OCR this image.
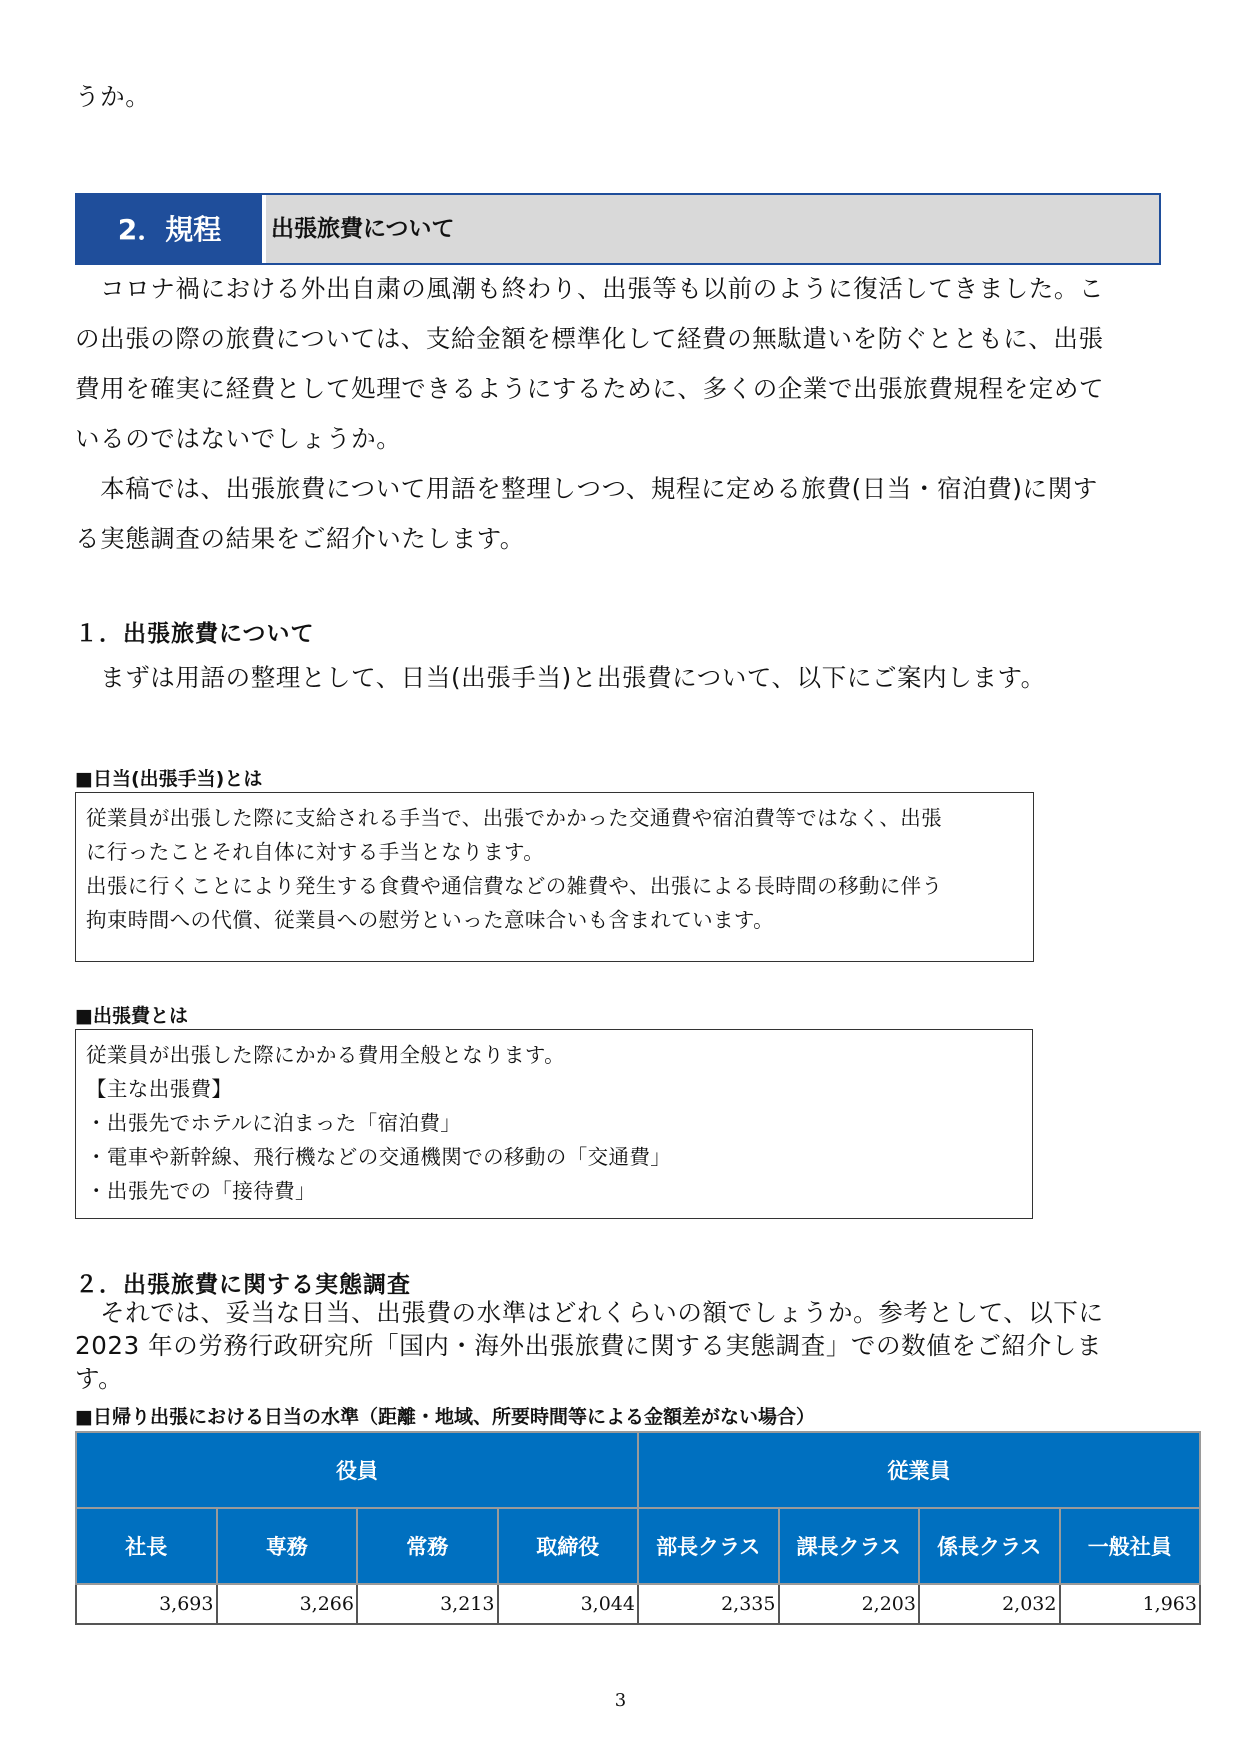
うか。
2．規程	出張旅費について
　コロナ禍における外出自粛の風潮も終わり、出張等も以前のように復活してきました。こ
の出張の際の旅費については、支給金額を標準化して経費の無駄遣いを防ぐとともに、出張
費用を確実に経費として処理できるようにするために、多くの企業で出張旅費規程を定めて
いるのではないでしょうか。
　本稿では、出張旅費について用語を整理しつつ、規程に定める旅費(日当・宿泊費)に関す
る実態調査の結果をご紹介いたします。
１．出張旅費について
　まずは用語の整理として、日当(出張手当)と出張費について、以下にご案内します。
■日当(出張手当)とは
従業員が出張した際に支給される手当で、出張でかかった交通費や宿泊費等ではなく、出張
に行ったことそれ自体に対する手当となります。
出張に行くことにより発生する食費や通信費などの雑費や、出張による長時間の移動に伴う
拘束時間への代償、従業員への慰労といった意味合いも含まれています。
■出張費とは
従業員が出張した際にかかる費用全般となります。
【主な出張費】
・出張先でホテルに泊まった「宿泊費」
・電車や新幹線、飛行機などの交通機関での移動の「交通費」
・出張先での「接待費」
２．出張旅費に関する実態調査
　それでは、妥当な日当、出張費の水準はどれくらいの額でしょうか。参考として、以下に
2023 年の労務行政研究所「国内・海外出張旅費に関する実態調査」での数値をご紹介しま
す。
■日帰り出張における日当の水準（距離・地域、所要時間等による金額差がない場合）
役員				従業員			
社長	専務	常務	取締役	部長クラス	課長クラス	係長クラス	一般社員
3,693	3,266	3,213	3,044	2,335	2,203	2,032	1,963
3
